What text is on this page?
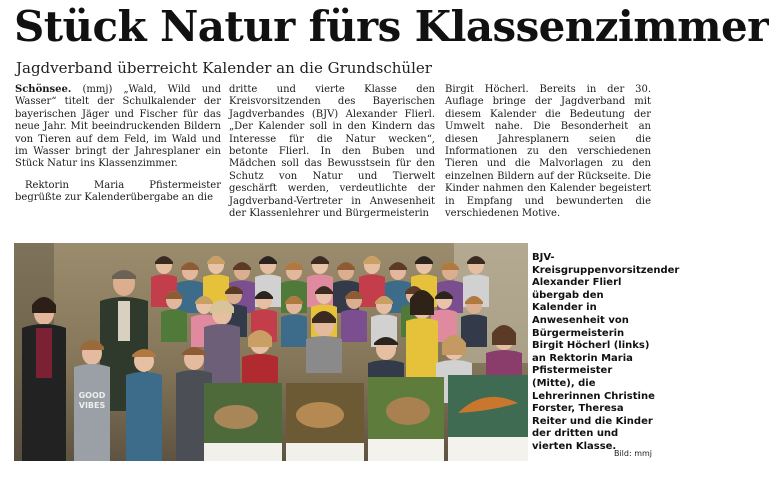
Stück Natur fürs Klassenzimmer
Jagdverband überreicht Kalender an die Grundschüler

Schönsee. (mmj) „Wald, Wild und Wasser“ titelt der Schulkalender der bayerischen Jäger und Fischer für das neue Jahr. Mit beeindruckenden Bildern von Tieren auf dem Feld, im Wald und im Wasser bringt der Jahresplaner ein Stück Natur ins Klassenzimmer.

Rektorin Maria Pfistermeister begrüßte zur Kalenderübergabe an die

dritte und vierte Klasse den Kreisvorsitzenden des Bayerischen Jagdverbandes (BJV) Alexander Flierl. „Der Kalender soll in den Kindern das Interesse für die Natur wecken“, betonte Flierl. In den Buben und Mädchen soll das Bewusstsein für den Schutz von Natur und Tierwelt geschärft werden, verdeutlichte der Jagdverband-Vertreter in Anwesenheit der Klassenlehrer und Bürgermeisterin

Birgit Höcherl. Bereits in der 30. Auflage bringe der Jagdverband mit diesem Kalender die Bedeutung der Umwelt nahe. Die Besonderheit an diesen Jahresplanern seien die Informationen zu den verschiedenen Tieren und die Malvorlagen zu den einzelnen Bildern auf der Rückseite. Die Kinder nahmen den Kalender begeistert in Empfang und bewunderten die verschiedenen Motive.

GOOD
VIBES
BJV-Kreisgruppenvorsitzender Alexander Flierl übergab den Kalender in Anwesenheit von Bürgermeisterin Birgit Höcherl (links) an Rektorin Maria Pfistermeister (Mitte), die Lehrerinnen Christine Forster, Theresa Reiter und die Kinder der dritten und vierten Klasse.
Bild: mmj
